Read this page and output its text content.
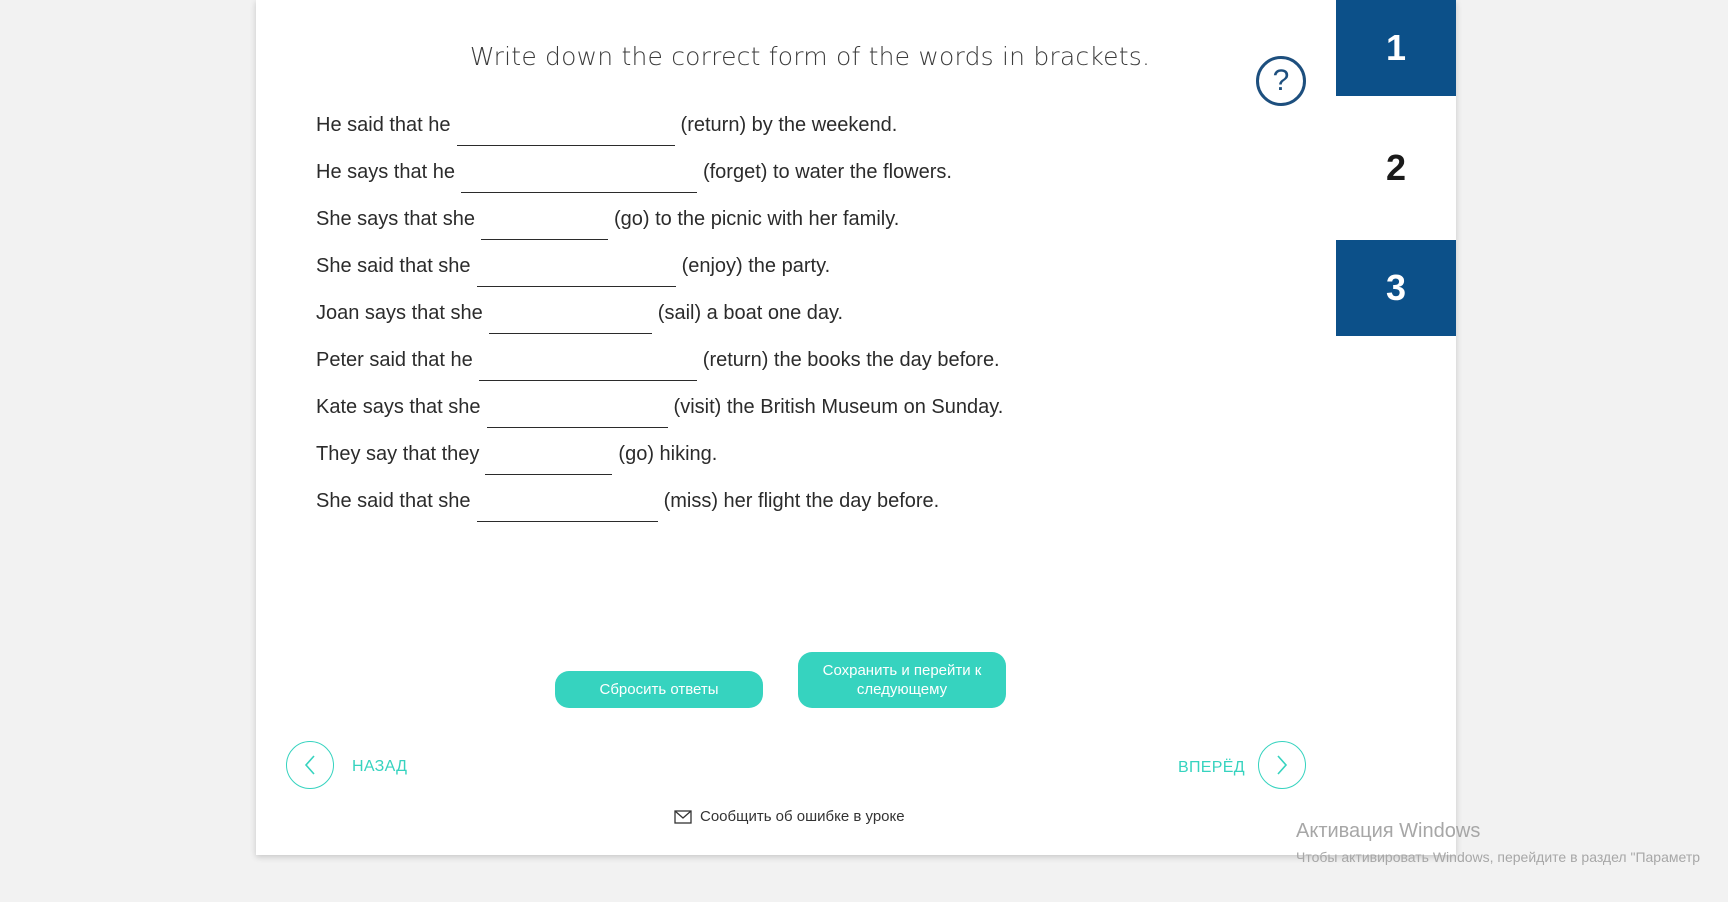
Write down the correct form of the words in brackets.
?
1
2
3
He said that he	(return) by the weekend.
He says that he	(forget) to water the flowers.
She says that she	(go) to the picnic with her family.
She said that she	(enjoy) the party.
Joan says that she	(sail) a boat one day.
Peter said that he	(return) the books the day before.
Kate says that she	(visit) the British Museum on Sunday.
They say that they	(go) hiking.
She said that she	(miss) her flight the day before.
Сбросить ответы
Сохранить и перейти к следующему
НАЗАД	ВПЕРЁД
Сообщить об ошибке в уроке
Активация Windows
Чтобы активировать Windows, перейдите в раздел "Параметр
